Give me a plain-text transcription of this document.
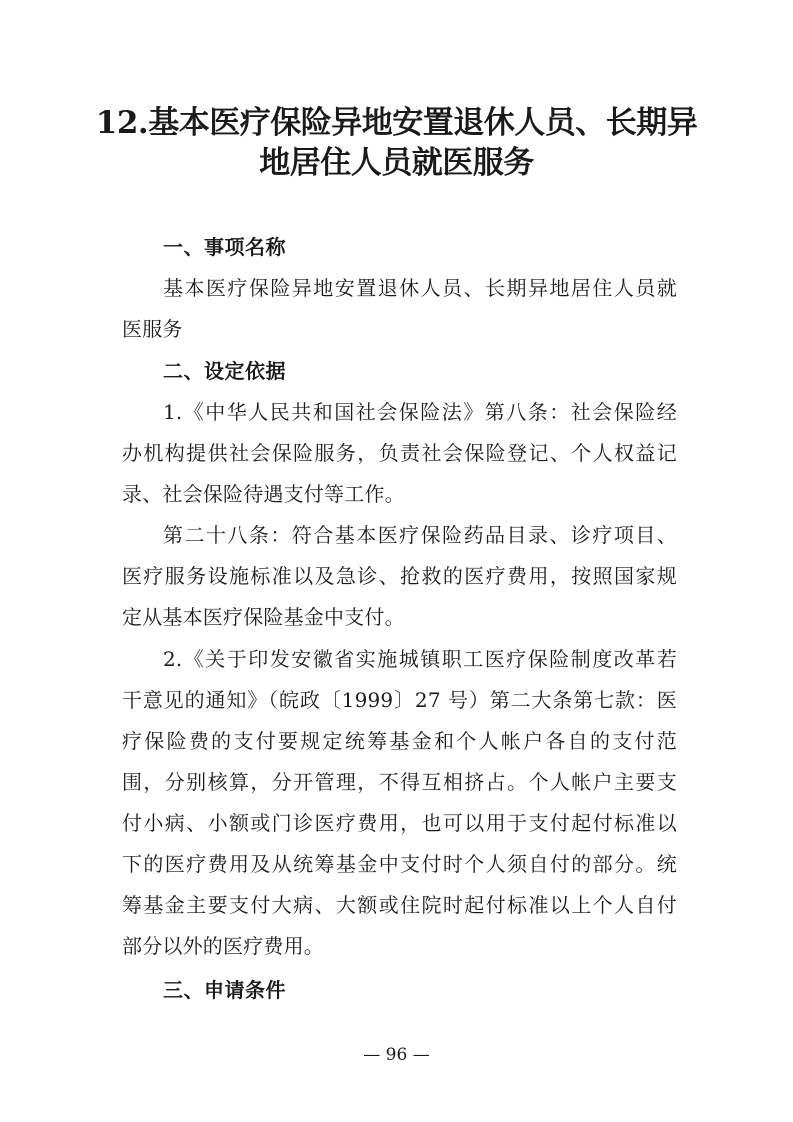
12.基本医疗保险异地安置退休人员、长期异
地居住人员就医服务
一、事项名称

基本医疗保险异地安置退休人员、长期异地居住人员就

医服务

二、设定依据

1.《中华人民共和国社会保险法》第八条：社会保险经

办机构提供社会保险服务，负责社会保险登记、个人权益记

录、社会保险待遇支付等工作。

第二十八条：符合基本医疗保险药品目录、诊疗项目、

医疗服务设施标准以及急诊、抢救的医疗费用，按照国家规

定从基本医疗保险基金中支付。

2.《关于印发安徽省实施城镇职工医疗保险制度改革若

干意见的通知》（皖政〔1999〕27 号）第二大条第七款：医

疗保险费的支付要规定统筹基金和个人帐户各自的支付范

围，分别核算，分开管理，不得互相挤占。个人帐户主要支

付小病、小额或门诊医疗费用，也可以用于支付起付标准以

下的医疗费用及从统筹基金中支付时个人须自付的部分。统

筹基金主要支付大病、大额或住院时起付标准以上个人自付

部分以外的医疗费用。

三、申请条件
— 96 —
